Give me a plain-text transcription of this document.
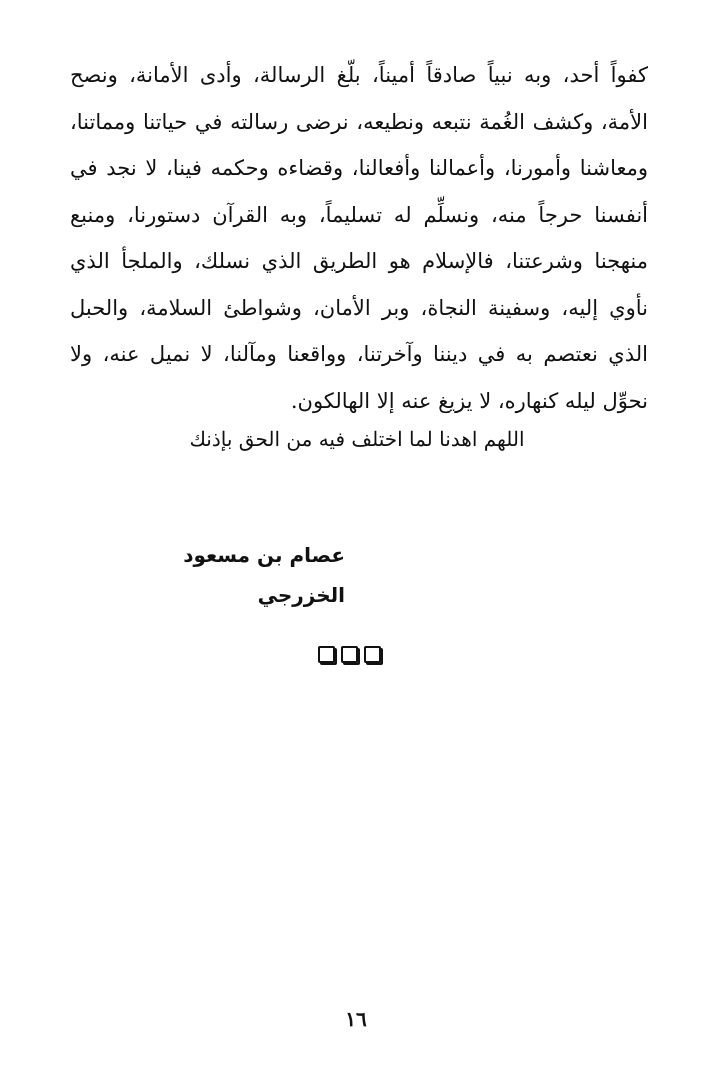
كفواً أحد، وبه نبياً صادقاً أميناً، بلّغ الرسالة، وأدى الأمانة، ونصح
الأمة، وكشف الغُمة نتبعه ونطيعه، نرضى رسالته في حياتنا ومماتنا،
ومعاشنا وأمورنا، وأعمالنا وأفعالنا، وقضاءه وحكمه فينا، لا نجد في
أنفسنا حرجاً منه، ونسلِّم له تسليماً، وبه القرآن دستورنا، ومنبع
منهجنا وشرعتنا، فالإسلام هو الطريق الذي نسلك، والملجأ الذي
نأوي إليه، وسفينة النجاة، وبر الأمان، وشواطئ السلامة، والحبل
الذي نعتصم به في ديننا وآخرتنا، وواقعنا ومآلنا، لا نميل عنه، ولا
نحوِّل ليله كنهاره، لا يزيغ عنه إلا الهالكون.
اللهم اهدنا لما اختلف فيه من الحق بإذنك
عصام بن مسعود الخزرجي
١٦
